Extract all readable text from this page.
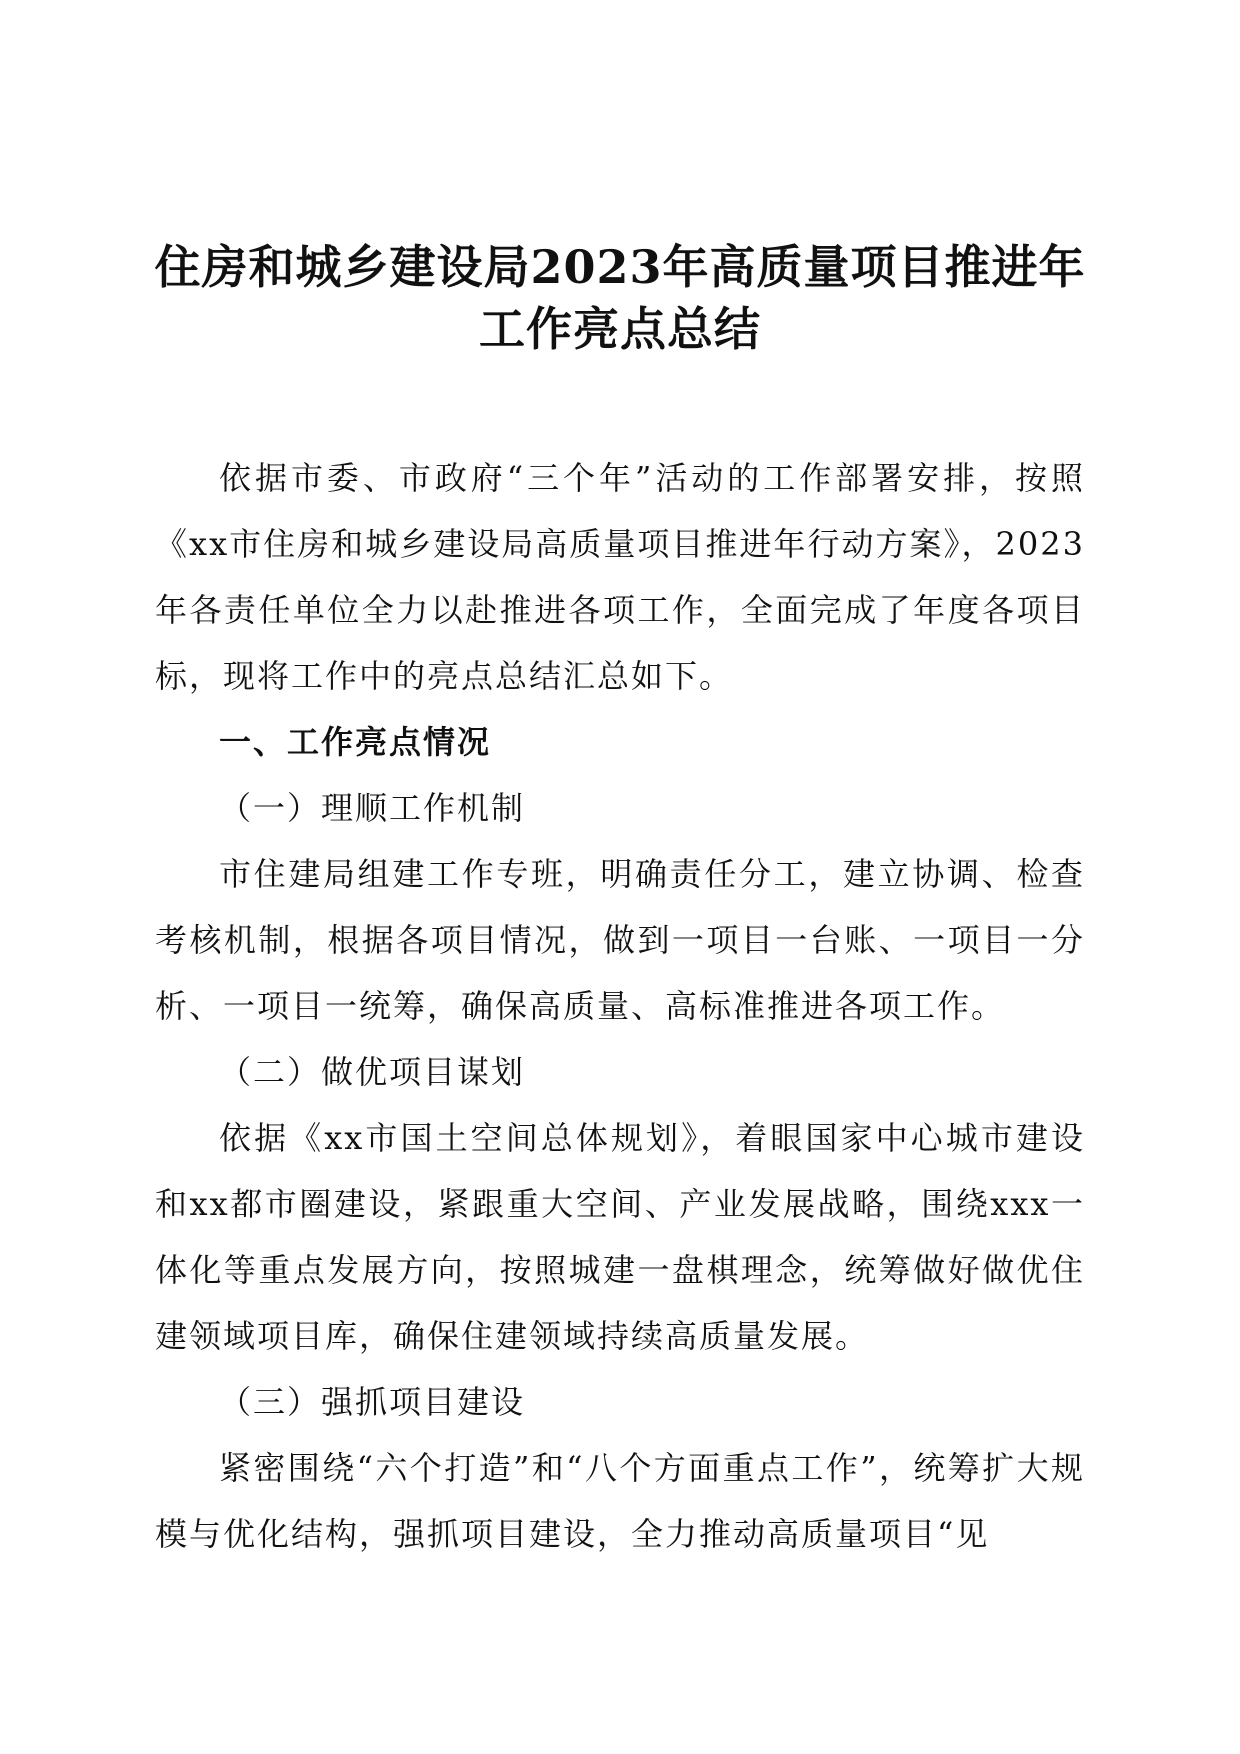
住房和城乡建设局2023年高质量项目推进年
工作亮点总结

依据市委、市政府“三个年”活动的工作部署安排，按照《xx市住房和城乡建设局高质量项目推进年行动方案》，2023年各责任单位全力以赴推进各项工作，全面完成了年度各项目标，现将工作中的亮点总结汇总如下。

一、工作亮点情况

（一）理顺工作机制

市住建局组建工作专班，明确责任分工，建立协调、检查考核机制，根据各项目情况，做到一项目一台账、一项目一分析、一项目一统筹，确保高质量、高标准推进各项工作。

（二）做优项目谋划

依据《xx市国土空间总体规划》，着眼国家中心城市建设和xx都市圈建设，紧跟重大空间、产业发展战略，围绕xxx一体化等重点发展方向，按照城建一盘棋理念，统筹做好做优住建领域项目库，确保住建领域持续高质量发展。

（三）强抓项目建设

紧密围绕“六个打造”和“八个方面重点工作”，统筹扩大规模与优化结构，强抓项目建设，全力推动高质量项目“见
